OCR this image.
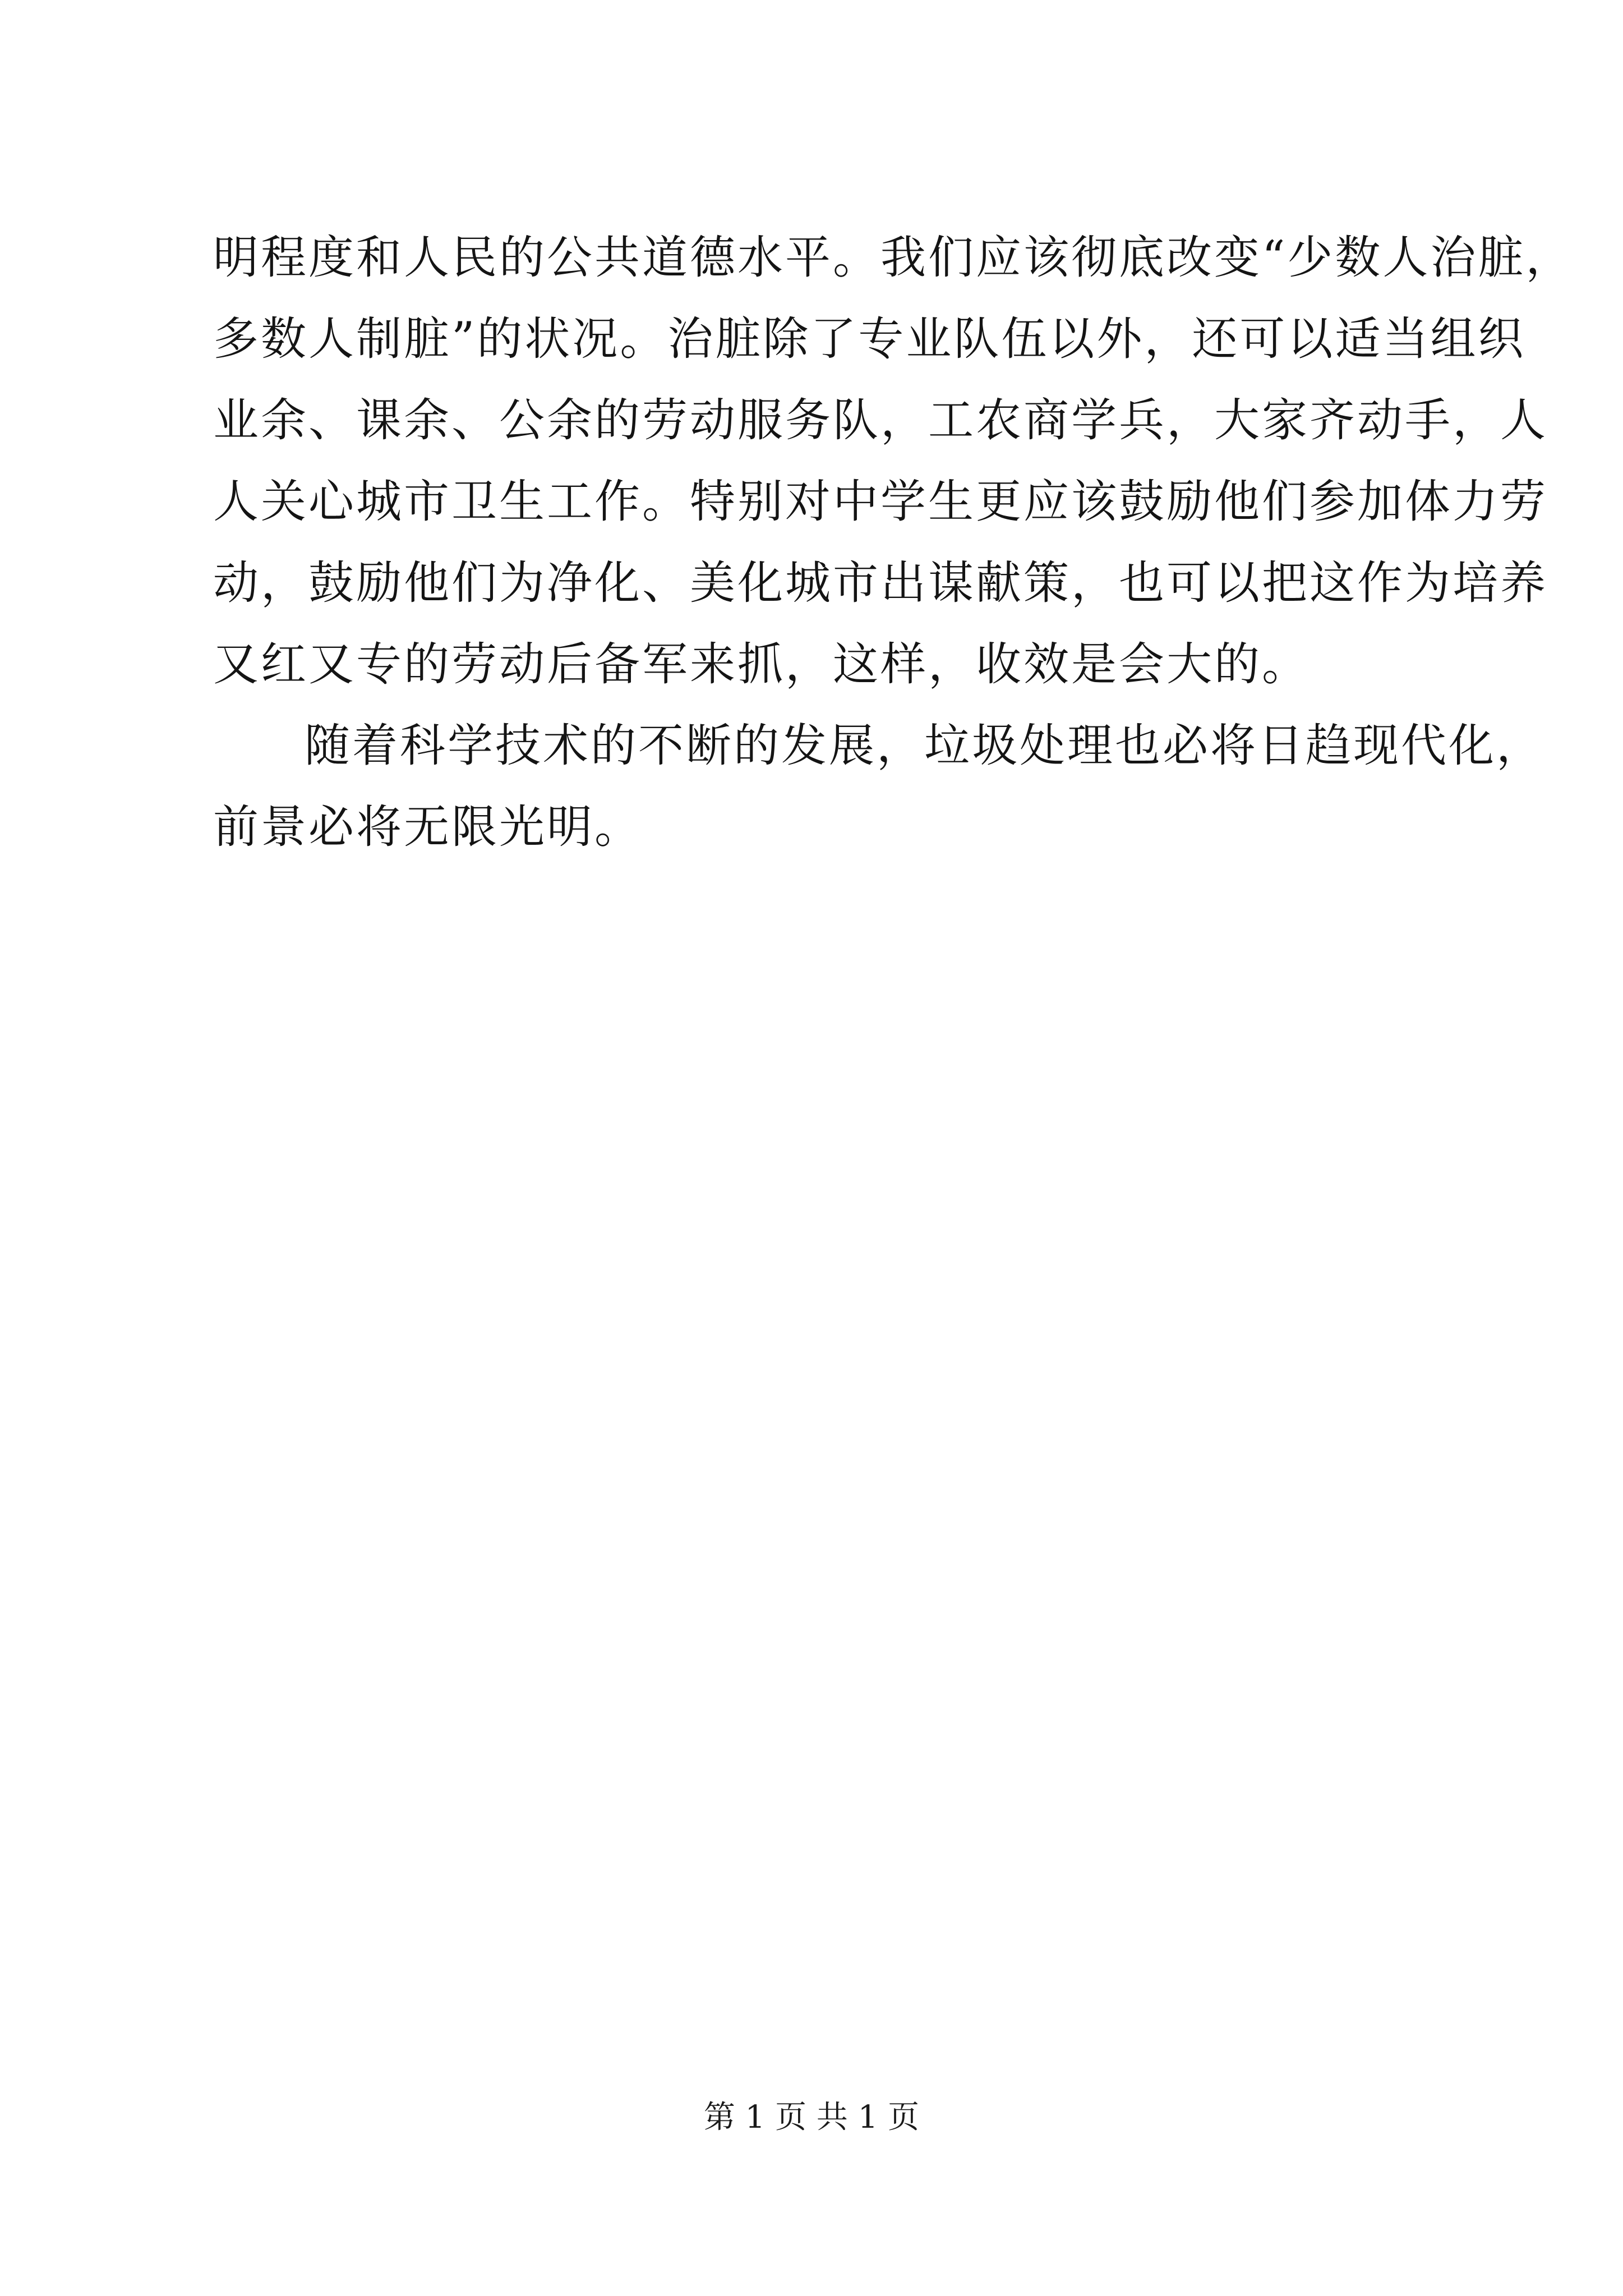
明程度和人民的公共道德水平。我们应该彻底改变“少数人治脏，
多数人制脏”的状况。治脏除了专业队伍以外，还可以适当组织
业余、课余、公余的劳动服务队，工农商学兵，大家齐动手，人
人关心城市卫生工作。特别对中学生更应该鼓励他们参加体力劳
动，鼓励他们为净化、美化城市出谋献策，也可以把这作为培养
又红又专的劳动后备军来抓，这样，收效是会大的。
随着科学技术的不断的发展，垃圾处理也必将日趋现代化，
前景必将无限光明。
第 1 页 共 1 页
